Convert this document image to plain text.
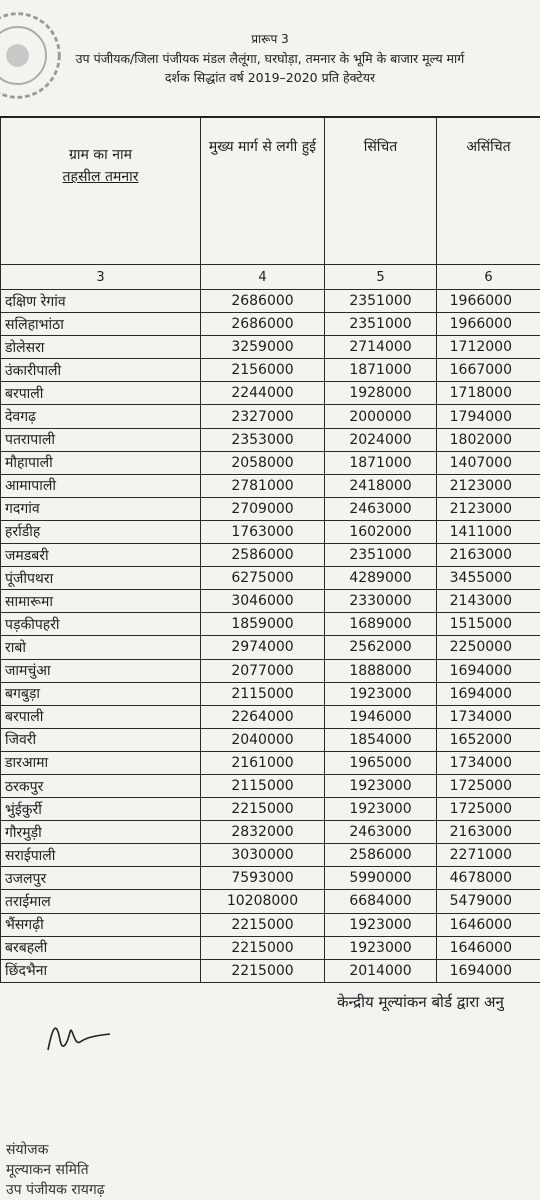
प्रारूप 3
उप पंजीयक/जिला पंजीयक मंडल लैलूंगा, घरघोड़ा, तमनार के भूमि के बाजार मूल्य मार्ग
दर्शक सिद्धांत वर्ष 2019–2020 प्रति हेक्टेयर
ग्राम का नाम
तहसील तमनार	मुख्य मार्ग से लगी हुई	सिंचित	असिंचित
3	4	5	6
दक्षिण रेगांव	2686000	2351000	1966000
सलिहाभांठा	2686000	2351000	1966000
डोलेसरा	3259000	2714000	1712000
उंकारीपाली	2156000	1871000	1667000
बरपाली	2244000	1928000	1718000
देवगढ़	2327000	2000000	1794000
पतरापाली	2353000	2024000	1802000
मौहापाली	2058000	1871000	1407000
आमापाली	2781000	2418000	2123000
गदगांव	2709000	2463000	2123000
हर्राडीह	1763000	1602000	1411000
जमडबरी	2586000	2351000	2163000
पूंजीपथरा	6275000	4289000	3455000
सामारूमा	3046000	2330000	2143000
पड़कीपहरी	1859000	1689000	1515000
राबो	2974000	2562000	2250000
जामचुंआ	2077000	1888000	1694000
बगबुड़ा	2115000	1923000	1694000
बरपाली	2264000	1946000	1734000
जिवरी	2040000	1854000	1652000
डारआमा	2161000	1965000	1734000
ठरकपुर	2115000	1923000	1725000
भुंईकुर्री	2215000	1923000	1725000
गौरमुड़ी	2832000	2463000	2163000
सराईपाली	3030000	2586000	2271000
उजलपुर	7593000	5990000	4678000
तराईमाल	10208000	6684000	5479000
भैंसगढ़ी	2215000	1923000	1646000
बरबहली	2215000	1923000	1646000
छिंदभैना	2215000	2014000	1694000
केन्द्रीय मूल्यांकन बोर्ड द्वारा अनु

संयोजक
मूल्याकन समिति
उप पंजीयक रायगढ़
